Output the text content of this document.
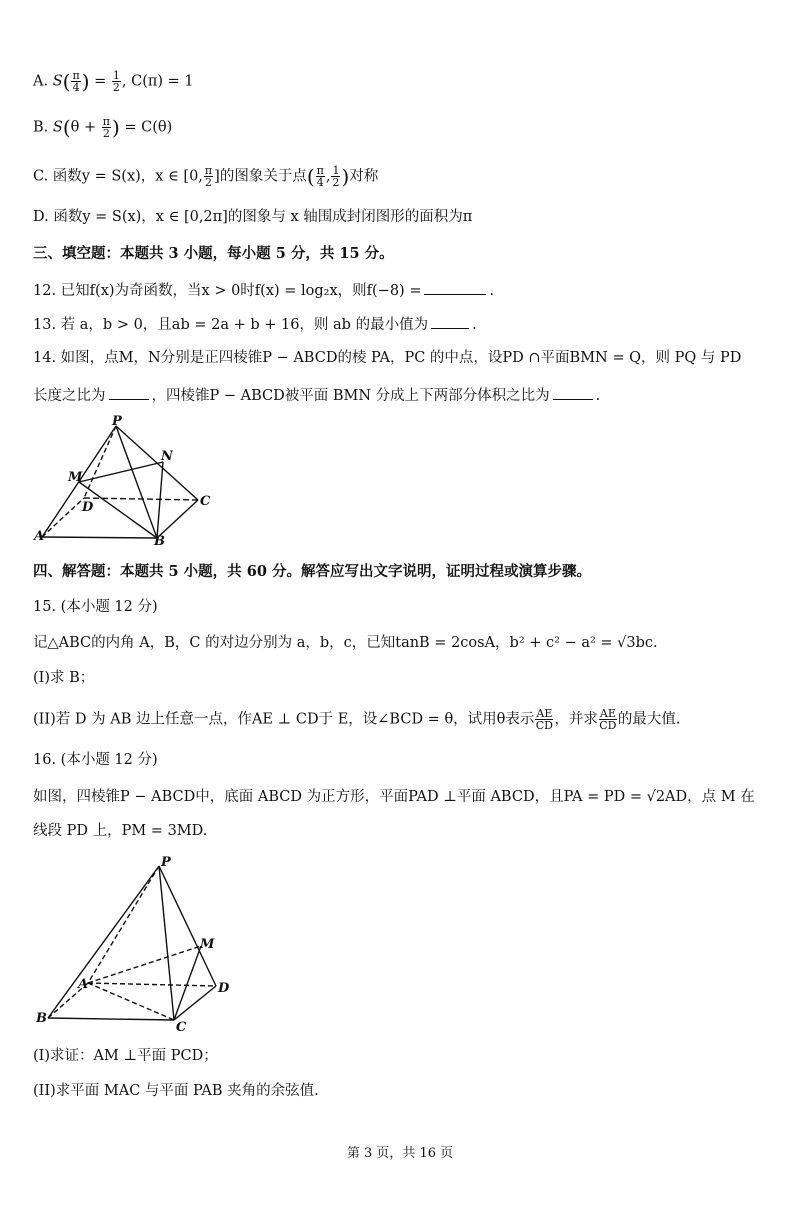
A. $S( \frac{\pi}{4}$ ) = $\frac{1}{2}$ , C(π) = 1
B. $S(\theta + \frac{\pi}{2}$ ) = C(θ)
C. 函数y = S(x)，x ∈ [0, $\frac{\pi}{2}$ ]的图象关于点( $\frac{\pi}{4}$ , $\frac{1}{2}$ )对称
D. 函数y = S(x)，x ∈ [0,2π]的图象与 x 轴围成封闭图形的面积为π
三、填空题：本题共 3 小题，每小题 5 分，共 15 分。
12. 已知f(x)为奇函数，当x > 0时f(x) = log₂x，则f(−8) =	.
13. 若 a，b > 0，且ab = 2a + b + 16，则 ab 的最小值为	.
14. 如图，点M，N分别是正四棱锥P − ABCD的棱 PA，PC 的中点，设PD ∩平面BMN = Q，则 PQ 与 PD
长度之比为	，四棱锥P − ABCD被平面 BMN 分成上下两部分体积之比为	.
P
N
M
D	C
A	B
四、解答题：本题共 5 小题，共 60 分。解答应写出文字说明，证明过程或演算步骤。
15. (本小题 12 分)
记△ABC的内角 A，B，C 的对边分别为 a，b，c，已知tanB = 2cosA，b² + c² − a² = √3bc.
(I)求 B；
(II)若 D 为 AB 边上任意一点，作AE ⊥ CD于 E，设∠BCD = θ，试用θ表示 $\frac{AE}{CD}$ ，并求 $\frac{AE}{CD}$ 的最大值.
16. (本小题 12 分)
如图，四棱锥P − ABCD中，底面 ABCD 为正方形，平面PAD ⊥平面 ABCD，且PA = PD = √2AD，点 M 在
线段 PD 上，PM = 3MD.
P
M
A	D
B
C
(I)求证：AM ⊥平面 PCD；
(II)求平面 MAC 与平面 PAB 夹角的余弦值.
第 3 页，共 16 页
